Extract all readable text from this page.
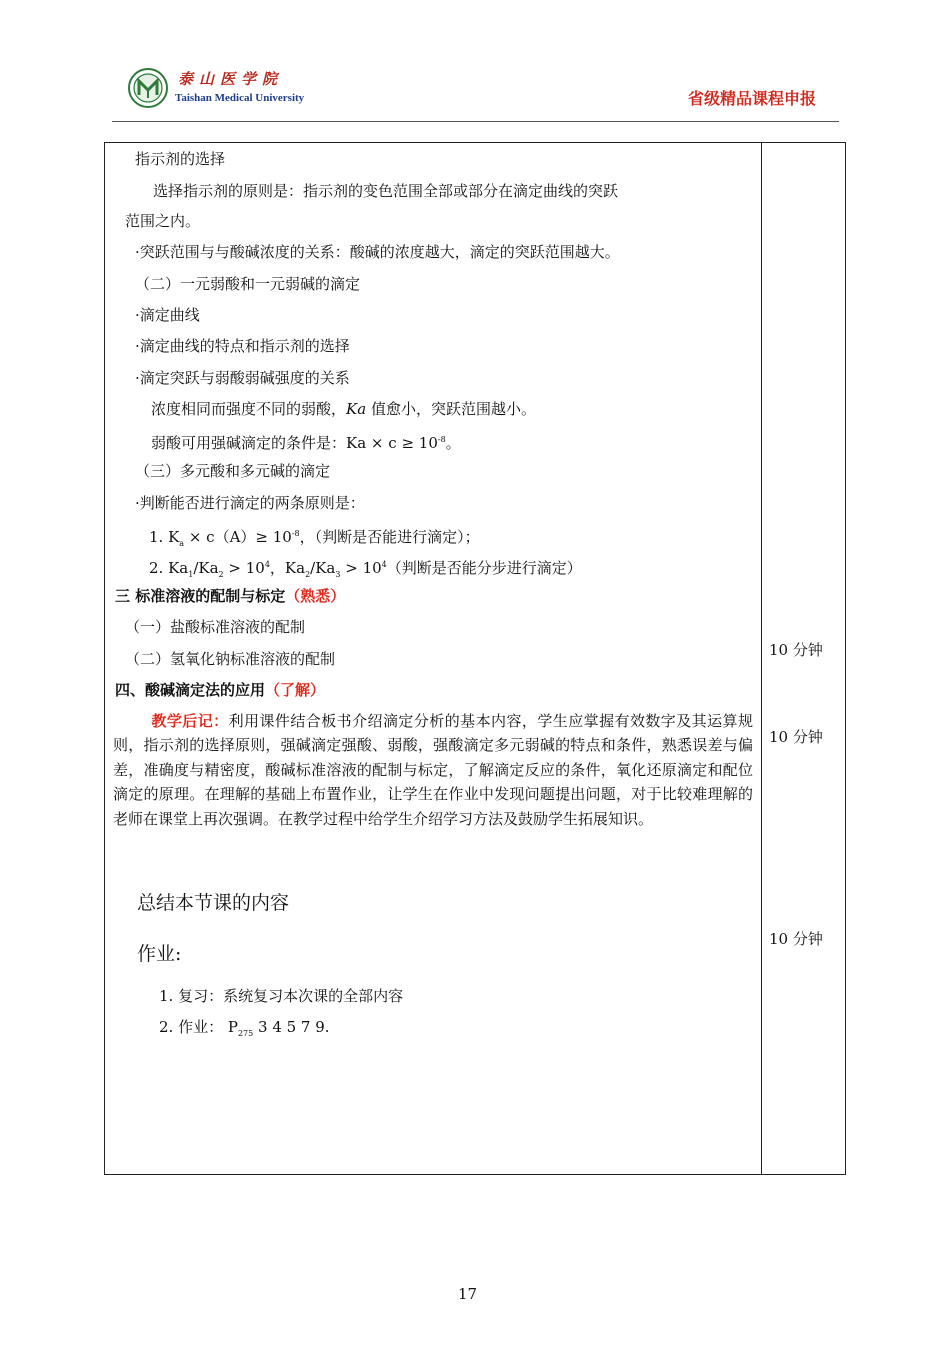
泰山医学院
Taishan Medical University	省级精品课程申报
指示剂的选择
选择指示剂的原则是：指示剂的变色范围全部或部分在滴定曲线的突跃
范围之内。
·突跃范围与与酸碱浓度的关系：酸碱的浓度越大，滴定的突跃范围越大。
（二）一元弱酸和一元弱碱的滴定
·滴定曲线
·滴定曲线的特点和指示剂的选择
·滴定突跃与弱酸弱碱强度的关系
浓度相同而强度不同的弱酸，Ka 值愈小，突跃范围越小。
弱酸可用强碱滴定的条件是：$Ka \times c \ge 10^{-8}$。
（三）多元酸和多元碱的滴定
·判断能否进行滴定的两条原则是：
1. $K_a \times c(A)\ge 10^{-8}$，（判断是否能进行滴定）；
2. $Ka_1/Ka_2 > 10^4$，$Ka_2/Ka_3 > 10^4$（判断是否能分步进行滴定）
三 标准溶液的配制与标定（熟悉）
（一）盐酸标准溶液的配制
（二）氢氧化钠标准溶液的配制
四、酸碱滴定法的应用（了解）
教学后记：利用课件结合板书介绍滴定分析的基本内容，学生应掌握有效数字及其运算规则，指示剂的选择原则，强碱滴定强酸、弱酸，强酸滴定多元弱碱的特点和条件，熟悉误差与偏差，准确度与精密度，酸碱标准溶液的配制与标定，了解滴定反应的条件，氧化还原滴定和配位滴定的原理。在理解的基础上布置作业，让学生在作业中发现问题提出问题，对于比较难理解的老师在课堂上再次强调。在教学过程中给学生介绍学习方法及鼓励学生拓展知识。
总结本节课的内容
作业:
1. 复习：系统复习本次课的全部内容
2. 作业： $P_{275}$ 3 4 5 7 9.
10 分钟
10 分钟
10 分钟
17
